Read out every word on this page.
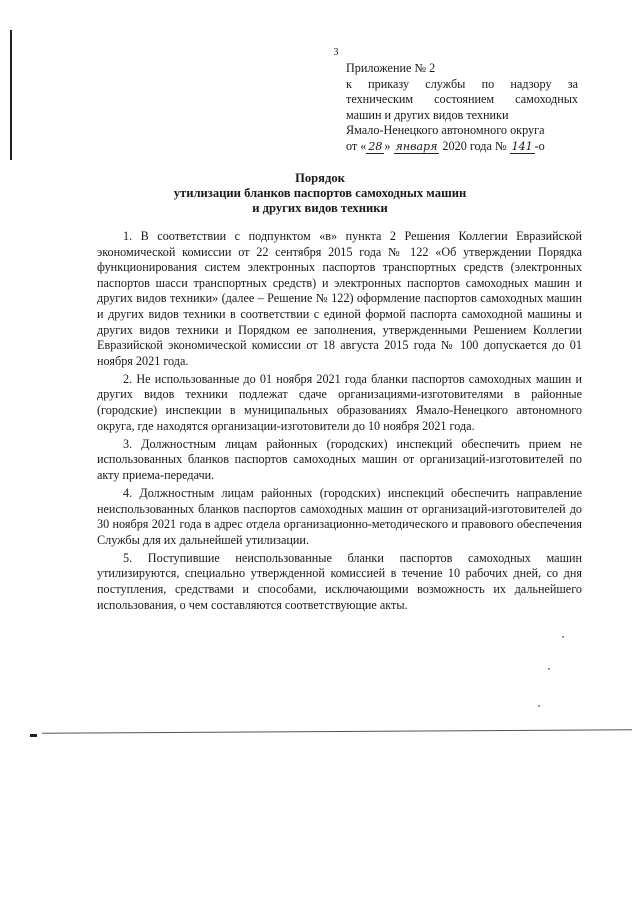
3
Приложение № 2
к приказу службы по надзору за
техническим состоянием самоходных
машин и других видов техники
Ямало-Ненецкого автономного округа
от « 28 » января 2020 года № 141 -о
Порядок
утилизации бланков паспортов самоходных машин
и других видов техники

1. В соответствии с подпунктом «в» пункта 2 Решения Коллегии Евразийской экономической комиссии от 22 сентября 2015 года № 122 «Об утверждении Порядка функционирования систем электронных паспортов транспортных средств (электронных паспортов шасси транспортных средств) и электронных паспортов самоходных машин и других видов техники» (далее – Решение № 122) оформление паспортов самоходных машин и других видов техники в соответствии с единой формой паспорта самоходной машины и других видов техники и Порядком ее заполнения, утвержденными Решением Коллегии Евразийской экономической комиссии от 18 августа 2015 года № 100 допускается до 01 ноября 2021 года.

2. Не использованные до 01 ноября 2021 года бланки паспортов самоходных машин и других видов техники подлежат сдаче организациями-изготовителями в районные (городские) инспекции в муниципальных образованиях Ямало-Ненецкого автономного округа, где находятся организации-изготовители до 10 ноября 2021 года.

3. Должностным лицам районных (городских) инспекций обеспечить прием не использованных бланков паспортов самоходных машин от организаций-изготовителей по акту приема-передачи.

4. Должностным лицам районных (городских) инспекций обеспечить направление неиспользованных бланков паспортов самоходных машин от организаций-изготовителей до 30 ноября 2021 года в адрес отдела организационно-методического и правового обеспечения Службы для их дальнейшей утилизации.

5. Поступившие неиспользованные бланки паспортов самоходных машин утилизируются, специально утвержденной комиссией в течение 10 рабочих дней, со дня поступления, средствами и способами, исключающими возможность их дальнейшего использования, о чем составляются соответствующие акты.
